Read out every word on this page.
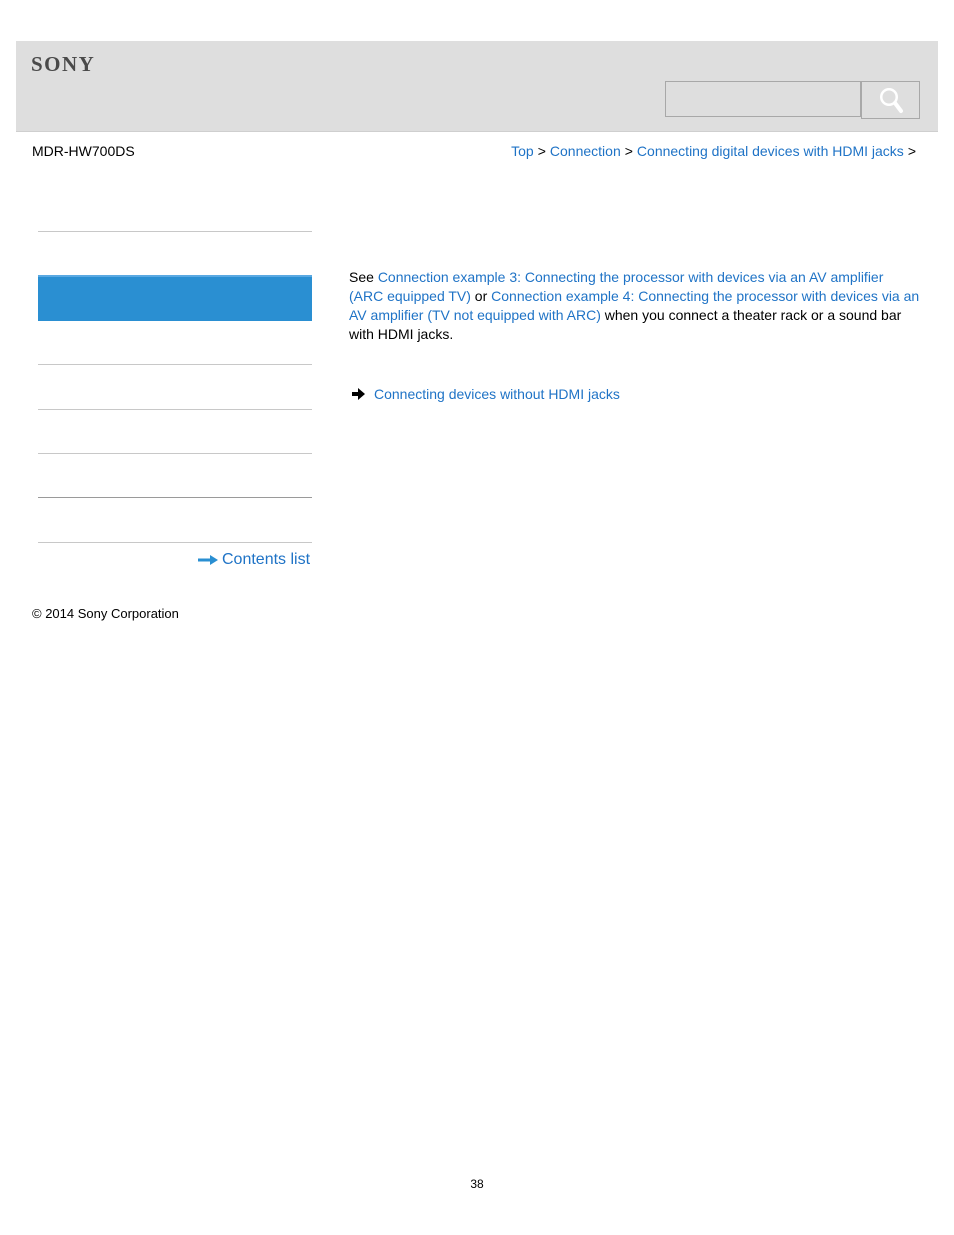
SONY
MDR-HW700DS	Top > Connection > Connecting digital devices with HDMI jacks >
Contents list
See Connection example 3: Connecting the processor with devices via an AV amplifier (ARC equipped TV) or Connection example 4: Connecting the processor with devices via an AV amplifier (TV not equipped with ARC) when you connect a theater rack or a sound bar with HDMI jacks.
Connecting devices without HDMI jacks
© 2014 Sony Corporation
38
